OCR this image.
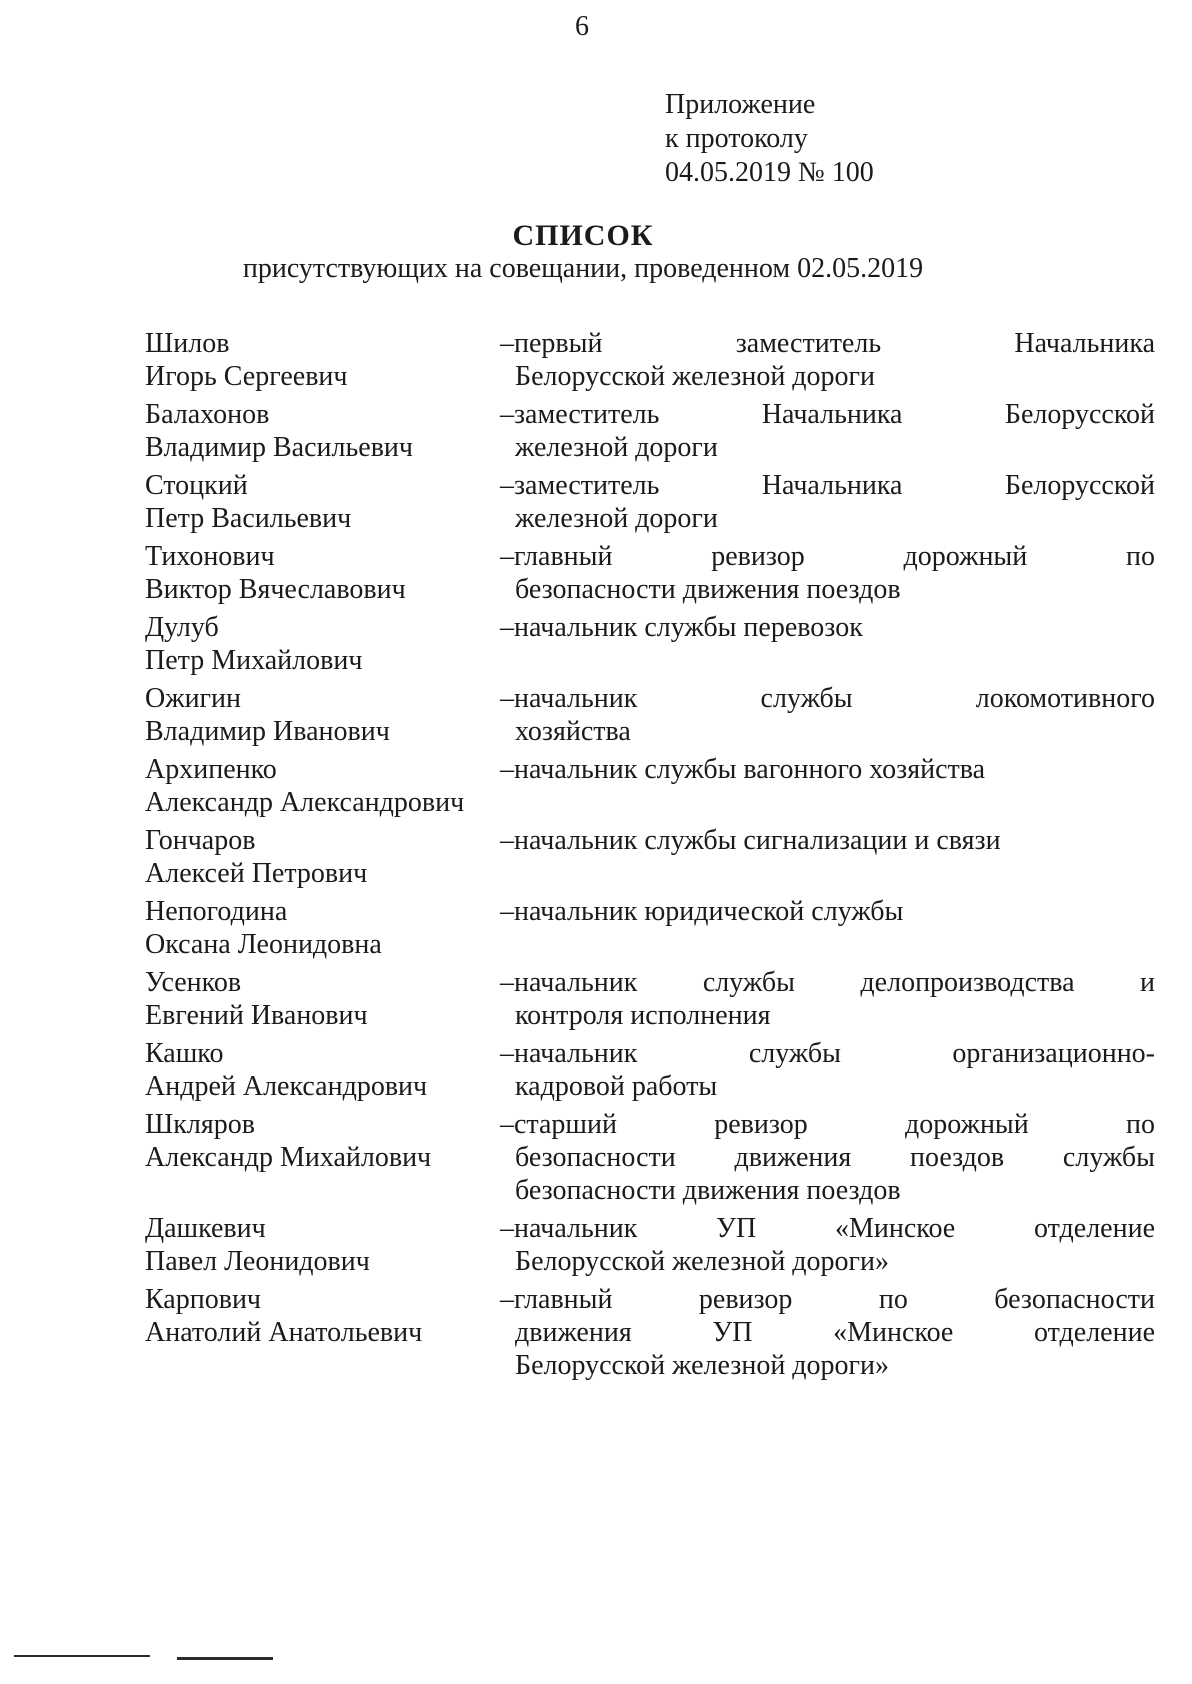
6
Приложение
к протоколу
04.05.2019 № 100
СПИСОК
присутствующих на совещании, проведенном 02.05.2019
Шилов
Игорь Сергеевич
–первый заместитель Начальника
Белорусской железной дороги
Балахонов
Владимир Васильевич
–заместитель Начальника Белорусской
железной дороги
Стоцкий
Петр Васильевич
–заместитель Начальника Белорусской
железной дороги
Тихонович
Виктор Вячеславович
–главный ревизор дорожный по
безопасности движения поездов
Дулуб
Петр Михайлович
–начальник службы перевозок
Ожигин
Владимир Иванович
–начальник службы локомотивного
хозяйства
Архипенко
Александр Александрович
–начальник службы вагонного хозяйства
Гончаров
Алексей Петрович
–начальник службы сигнализации и связи
Непогодина
Оксана Леонидовна
–начальник юридической службы
Усенков
Евгений Иванович
–начальник службы делопроизводства и
контроля исполнения
Кашко
Андрей Александрович
–начальник службы организационно-
кадровой работы
Шкляров
Александр Михайлович
–старший ревизор дорожный по
безопасности движения поездов службы
безопасности движения поездов
Дашкевич
Павел Леонидович
–начальник УП «Минское отделение
Белорусской железной дороги»
Карпович
Анатолий Анатольевич
–главный ревизор по безопасности
движения УП «Минское отделение
Белорусской железной дороги»
